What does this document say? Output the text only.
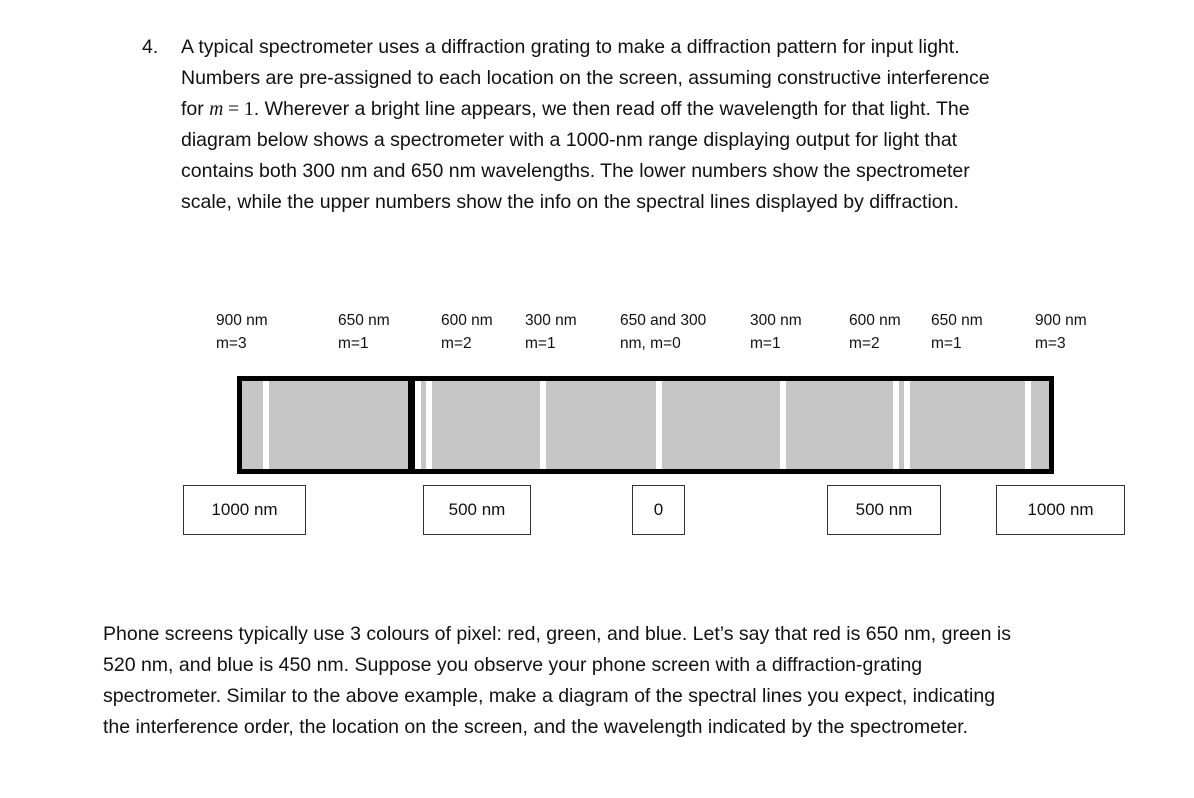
4. A typical spectrometer uses a diffraction grating to make a diffraction pattern for input light.
Numbers are pre-assigned to each location on the screen, assuming constructive interference
for m = 1. Wherever a bright line appears, we then read off the wavelength for that light. The
diagram below shows a spectrometer with a 1000-nm range displaying output for light that
contains both 300 nm and 650 nm wavelengths. The lower numbers show the spectrometer
scale, while the upper numbers show the info on the spectral lines displayed by diffraction.
900 nm
m=3
650 nm
m=1
600 nm
m=2
300 nm
m=1
650 and 300
nm, m=0
300 nm
m=1
600 nm
m=2
650 nm
m=1
900 nm
m=3
1000 nm	500 nm	0	500 nm	1000 nm
Phone screens typically use 3 colours of pixel: red, green, and blue. Let’s say that red is 650 nm, green is
520 nm, and blue is 450 nm. Suppose you observe your phone screen with a diffraction-grating
spectrometer. Similar to the above example, make a diagram of the spectral lines you expect, indicating
the interference order, the location on the screen, and the wavelength indicated by the spectrometer.
